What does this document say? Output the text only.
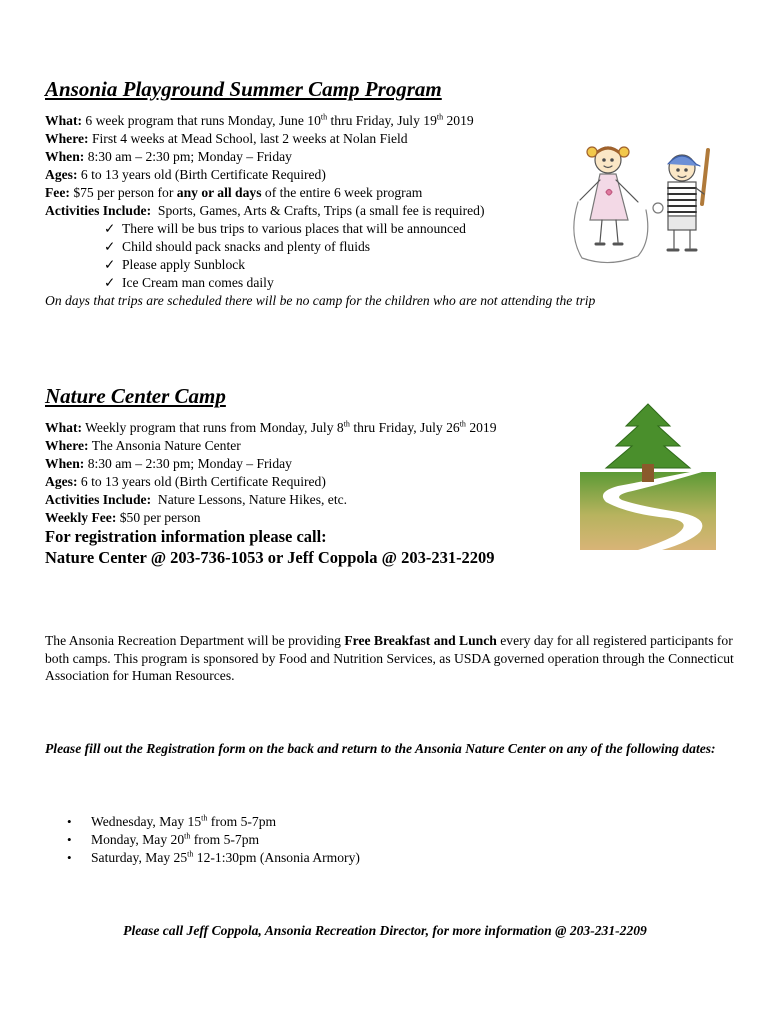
Ansonia Playground Summer Camp Program
What: 6 week program that runs Monday, June 10th thru Friday, July 19th 2019
Where: First 4 weeks at Mead School, last 2 weeks at Nolan Field
When: 8:30 am – 2:30 pm; Monday – Friday
Ages: 6 to 13 years old (Birth Certificate Required)
Fee: $75 per person for any or all days of the entire 6 week program
Activities Include: Sports, Games, Arts & Crafts, Trips (a small fee is required)
✓ There will be bus trips to various places that will be announced
✓ Child should pack snacks and plenty of fluids
✓ Please apply Sunblock
✓ Ice Cream man comes daily
On days that trips are scheduled there will be no camp for the children who are not attending the trip
Nature Center Camp
What: Weekly program that runs from Monday, July 8th thru Friday, July 26th 2019
Where: The Ansonia Nature Center
When: 8:30 am – 2:30 pm; Monday – Friday
Ages: 6 to 13 years old (Birth Certificate Required)
Activities Include: Nature Lessons, Nature Hikes, etc.
Weekly Fee: $50 per person
For registration information please call:
Nature Center @ 203-736-1053 or Jeff Coppola @ 203-231-2209
The Ansonia Recreation Department will be providing Free Breakfast and Lunch every day for all registered participants for both camps. This program is sponsored by Food and Nutrition Services, as USDA governed operation through the Connecticut Association for Human Resources.
Please fill out the Registration form on the back and return to the Ansonia Nature Center on any of the following dates:
• Wednesday, May 15th from 5-7pm
• Monday, May 20th from 5-7pm
• Saturday, May 25th 12-1:30pm (Ansonia Armory)
Please call Jeff Coppola, Ansonia Recreation Director, for more information @ 203-231-2209
